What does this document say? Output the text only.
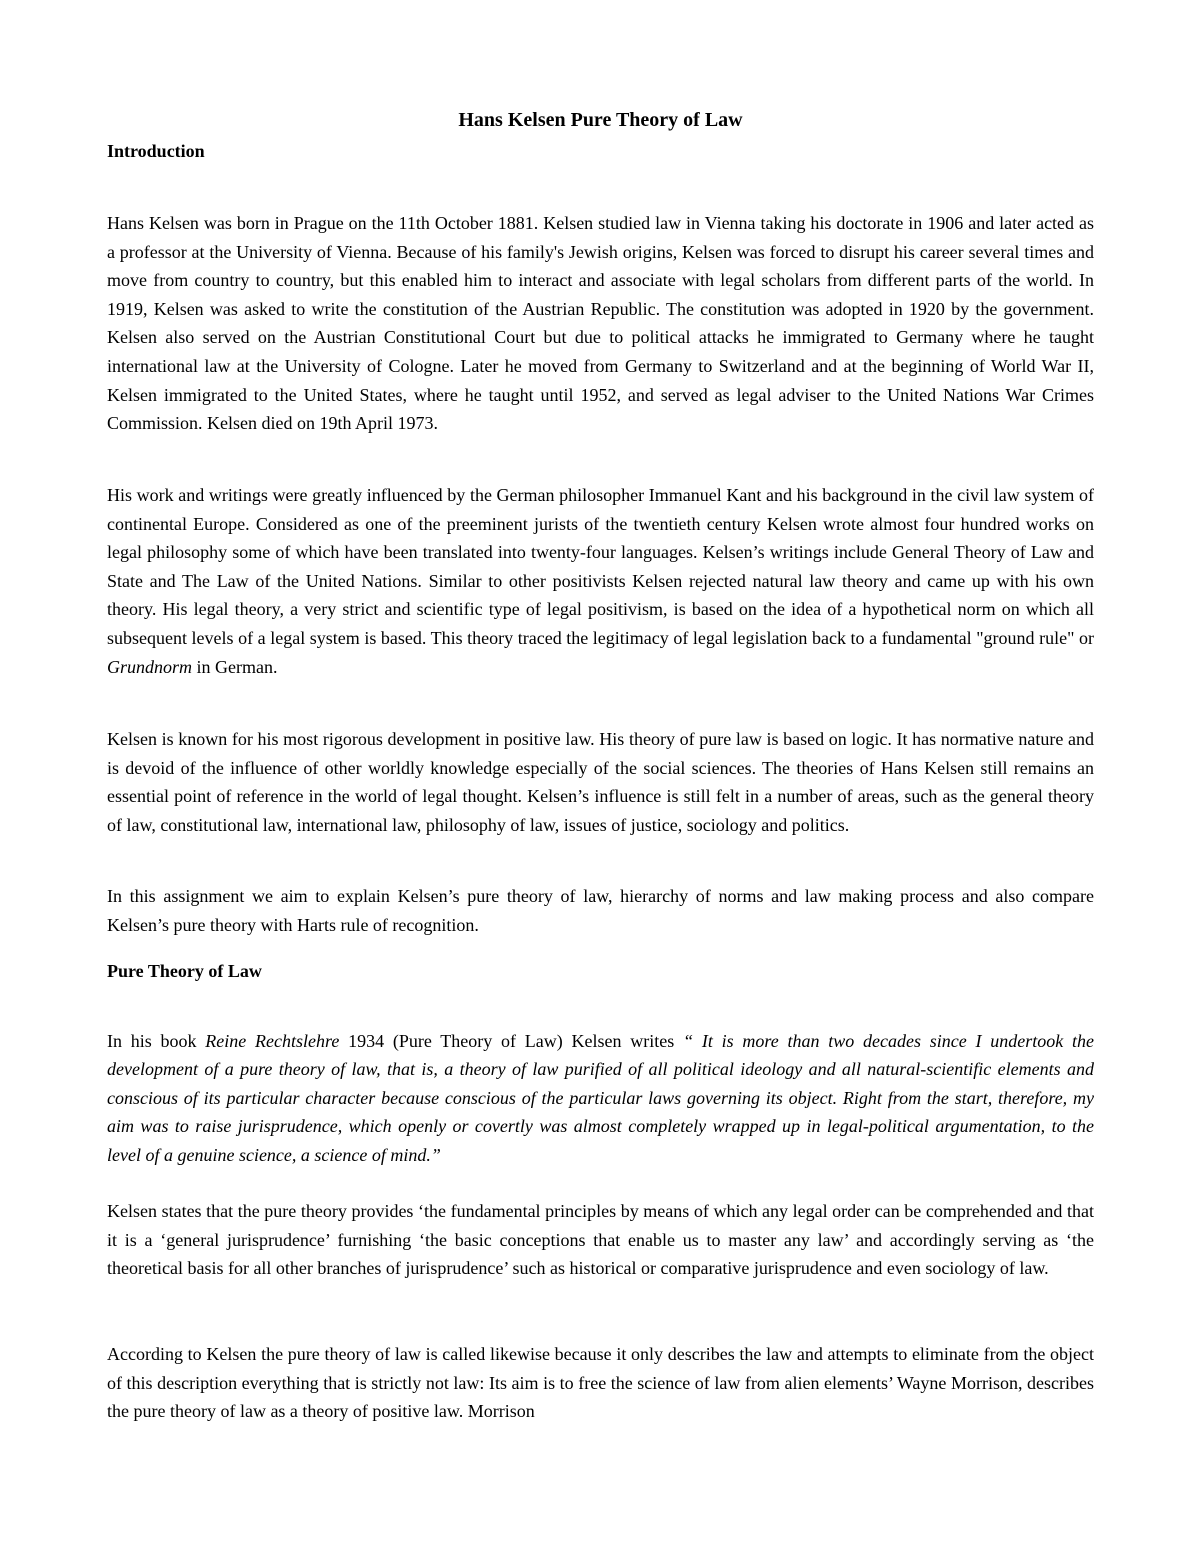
Hans Kelsen Pure Theory of Law
Introduction

Hans Kelsen was born in Prague on the 11th October 1881. Kelsen studied law in Vienna taking his doctorate in 1906 and later acted as a professor at the University of Vienna. Because of his family's Jewish origins, Kelsen was forced to disrupt his career several times and move from country to country, but this enabled him to interact and associate with legal scholars from different parts of the world. In 1919, Kelsen was asked to write the constitution of the Austrian Republic. The constitution was adopted in 1920 by the government. Kelsen also served on the Austrian Constitutional Court but due to political attacks he immigrated to Germany where he taught international law at the University of Cologne. Later he moved from Germany to Switzerland and at the beginning of World War II, Kelsen immigrated to the United States, where he taught until 1952, and served as legal adviser to the United Nations War Crimes Commission. Kelsen died on 19th April 1973.

His work and writings were greatly influenced by the German philosopher Immanuel Kant and his background in the civil law system of continental Europe. Considered as one of the preeminent jurists of the twentieth century Kelsen wrote almost four hundred works on legal philosophy some of which have been translated into twenty-four languages. Kelsen’s writings include General Theory of Law and State and The Law of the United Nations. Similar to other positivists Kelsen rejected natural law theory and came up with his own theory. His legal theory, a very strict and scientific type of legal positivism, is based on the idea of a hypothetical norm on which all subsequent levels of a legal system is based. This theory traced the legitimacy of legal legislation back to a fundamental "ground rule" or Grundnorm in German.

Kelsen is known for his most rigorous development in positive law. His theory of pure law is based on logic. It has normative nature and is devoid of the influence of other worldly knowledge especially of the social sciences. The theories of Hans Kelsen still remains an essential point of reference in the world of legal thought. Kelsen’s influence is still felt in a number of areas, such as the general theory of law, constitutional law, international law, philosophy of law, issues of justice, sociology and politics.

In this assignment we aim to explain Kelsen’s pure theory of law, hierarchy of norms and law making process and also compare Kelsen’s pure theory with Harts rule of recognition.

Pure Theory of Law

In his book Reine Rechtslehre 1934 (Pure Theory of Law) Kelsen writes “ It is more than two decades since I undertook the development of a pure theory of law, that is, a theory of law purified of all political ideology and all natural-scientific elements and conscious of its particular character because conscious of the particular laws governing its object. Right from the start, therefore, my aim was to raise jurisprudence, which openly or covertly was almost completely wrapped up in legal-political argumentation, to the level of a genuine science, a science of mind.”

Kelsen states that the pure theory provides ‘the fundamental principles by means of which any legal order can be comprehended and that it is a ‘general jurisprudence’ furnishing ‘the basic conceptions that enable us to master any law’ and accordingly serving as ‘the theoretical basis for all other branches of jurisprudence’ such as historical or comparative jurisprudence and even sociology of law.

According to Kelsen the pure theory of law is called likewise because it only describes the law and attempts to eliminate from the object of this description everything that is strictly not law: Its aim is to free the science of law from alien elements’ Wayne Morrison, describes the pure theory of law as a theory of positive law. Morrison
